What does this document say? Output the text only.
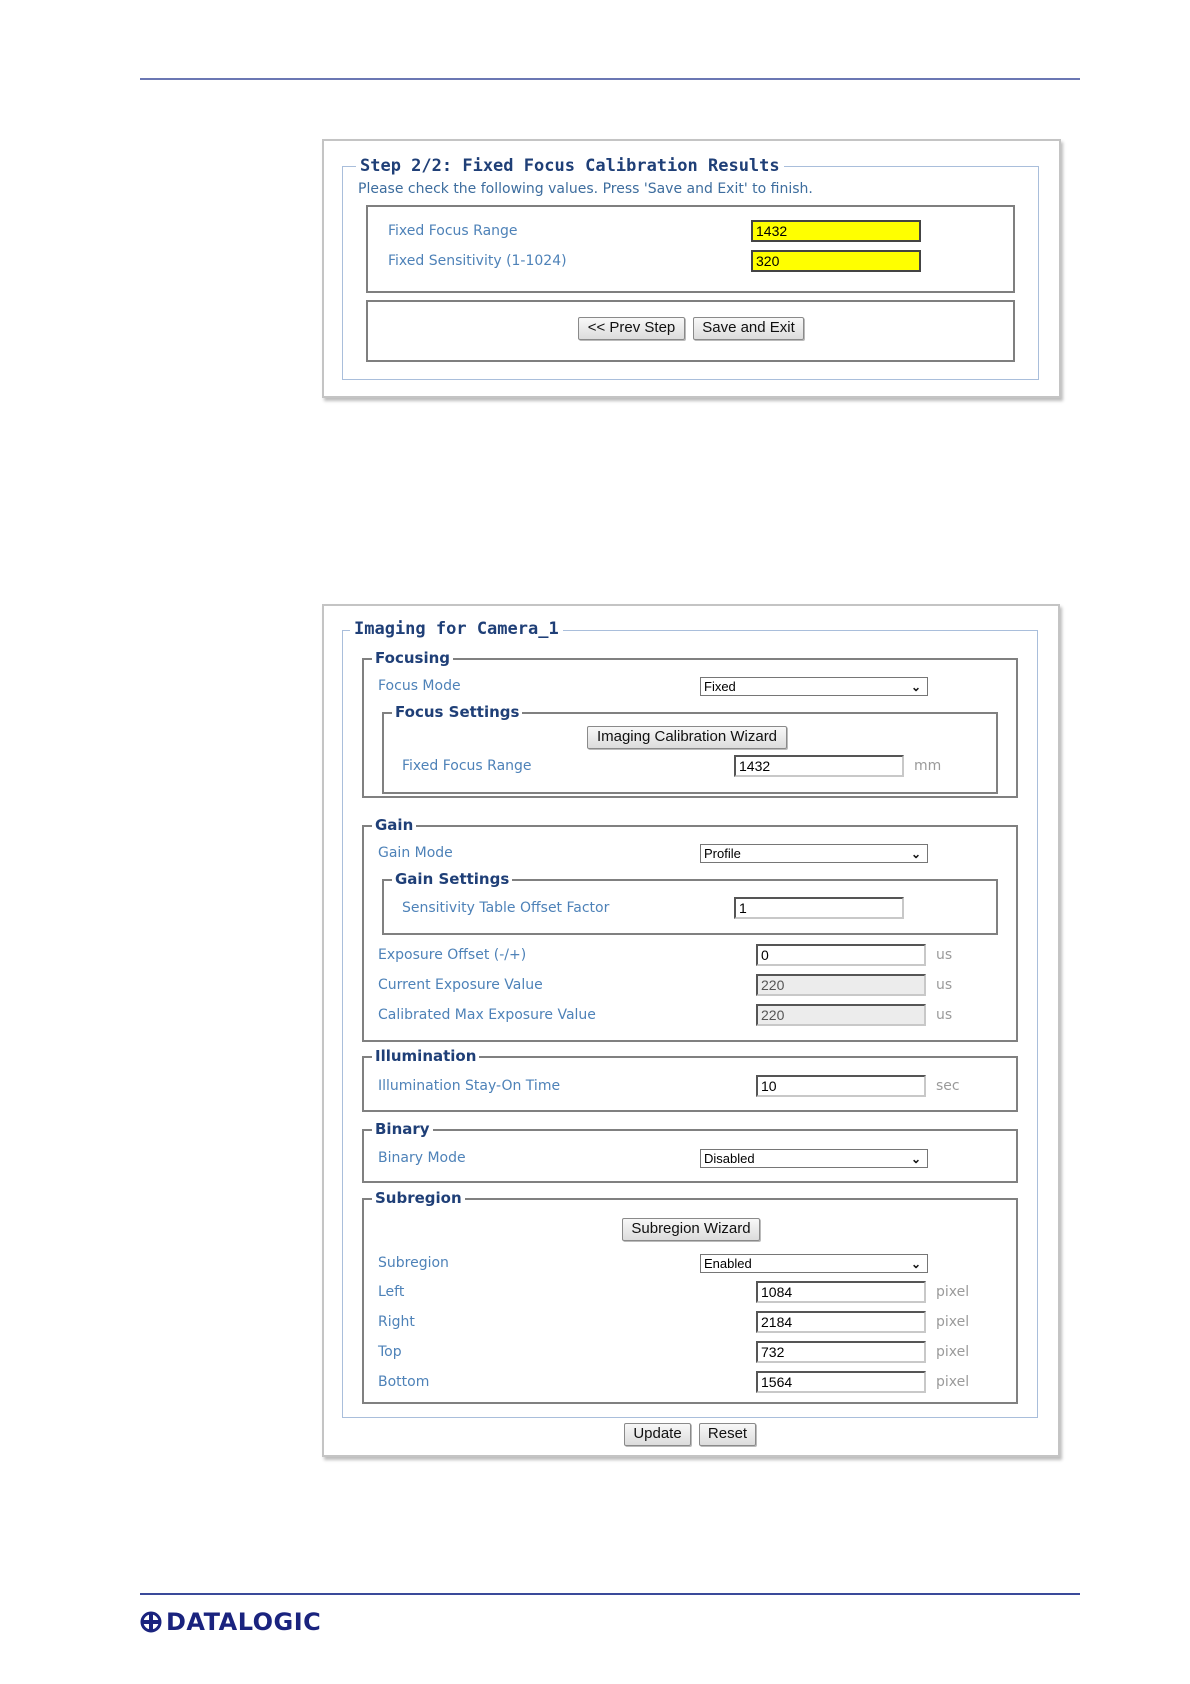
Step 2/2: Fixed Focus Calibration Results
Please check the following values. Press 'Save and Exit' to finish.
Fixed Focus Range	1432
Fixed Sensitivity (1-1024)	320
<< Prev Step	Save and Exit
Imaging for Camera_1
Focusing
Focus Mode	Fixed	⌄
Focus Settings
Imaging Calibration Wizard
Fixed Focus Range	1432	mm
Gain
Gain Mode	Profile	⌄
Gain Settings
Sensitivity Table Offset Factor	1
Exposure Offset (-/+)	0	us
Current Exposure Value	220	us
Calibrated Max Exposure Value	220	us
Illumination
Illumination Stay-On Time	10	sec
Binary
Binary Mode	Disabled	⌄
Subregion
Subregion Wizard
Subregion	Enabled	⌄
Left	1084	pixel
Right	2184	pixel
Top	732	pixel
Bottom	1564	pixel
Update	Reset
DATALOGIC
